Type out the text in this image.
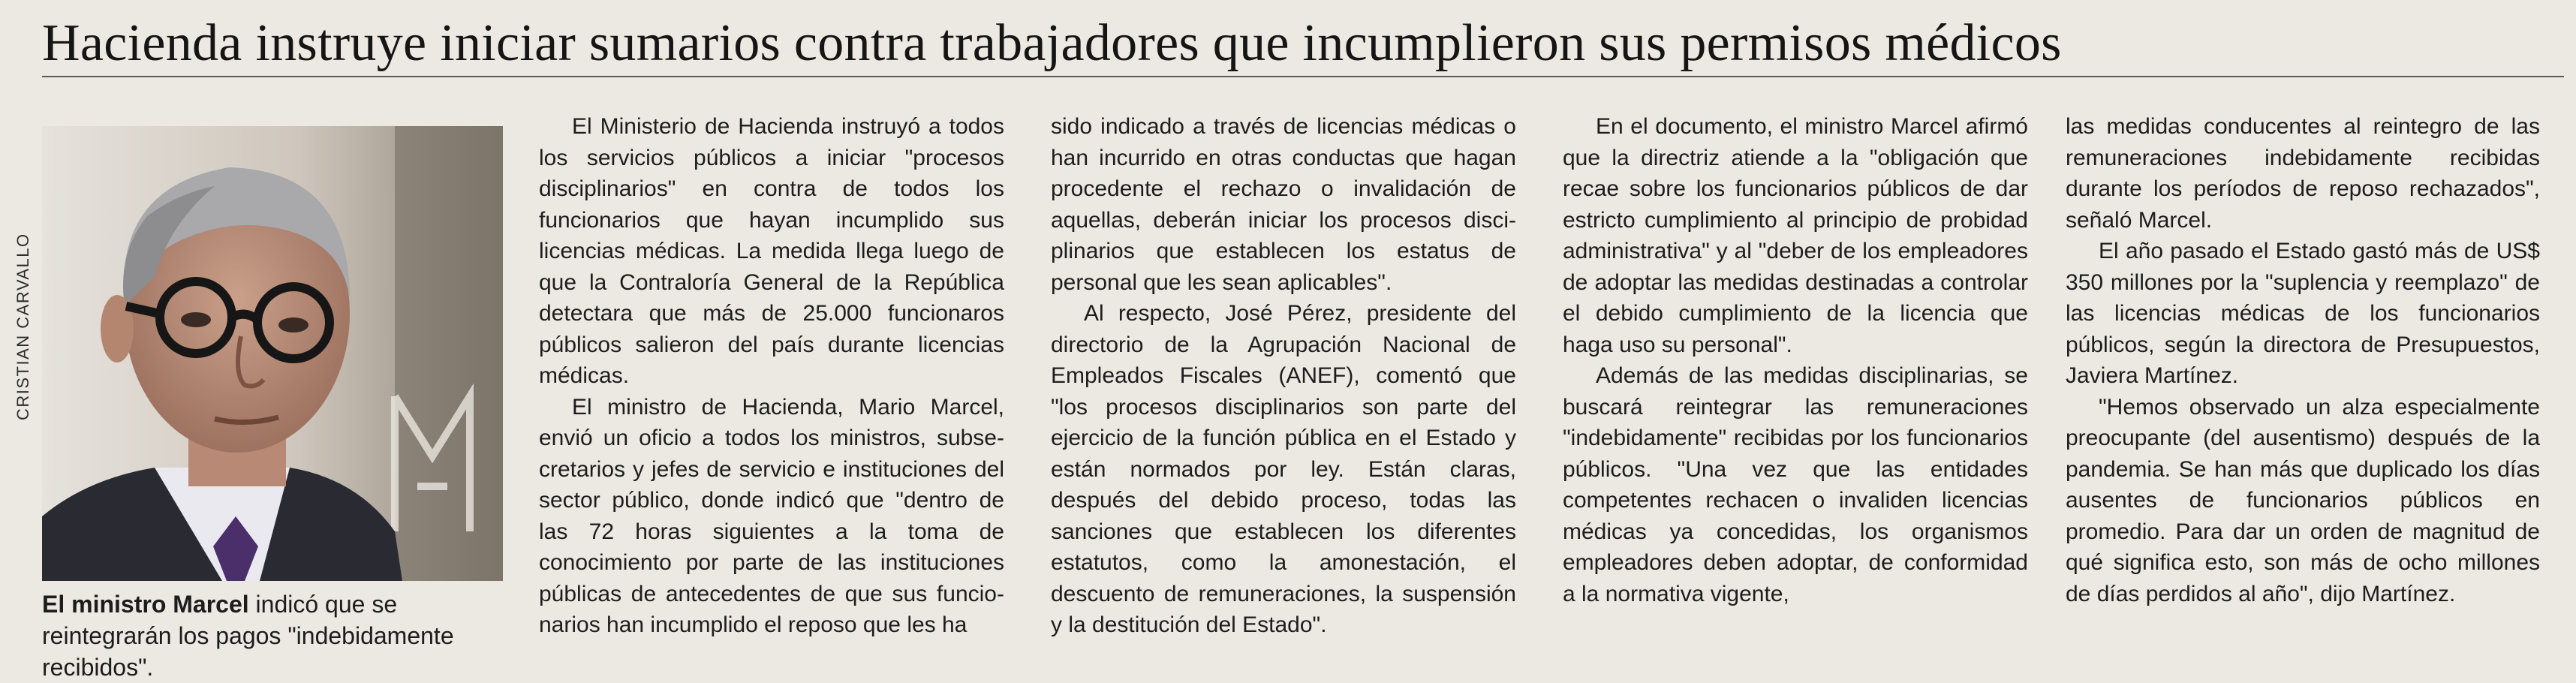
Hacienda instruye iniciar sumarios contra trabajadores que incumplieron sus permisos médicos
CRISTIAN CARVALLO
El ministro Marcel indicó que se reintegrarán los pagos "indebidamente recibidos".

El Ministerio de Hacienda instruyó a todos los servicios públicos a iniciar "procesos disciplinarios" en contra de todos los funcionarios que hayan incumplido sus licencias médicas. La medida llega luego de que la Contraloría General de la República detectara que más de 25.000 funcionaros públicos salieron del país durante licencias médicas.

El ministro de Hacienda, Mario Marcel, envió un oficio a todos los ministros, subsecretarios y jefes de servicio e instituciones del sector público, donde indicó que "dentro de las 72 horas siguientes a la toma de conocimiento por parte de las instituciones públicas de antecedentes de que sus funcionarios han incumplido el reposo que les ha

sido indicado a través de licencias médicas o han incurrido en otras conductas que hagan procedente el rechazo o invalidación de aquellas, deberán iniciar los procesos disciplinarios que establecen los estatus de personal que les sean aplicables".

Al respecto, José Pérez, presidente del directorio de la Agrupación Nacional de Empleados Fiscales (ANEF), comentó que "los procesos disciplinarios son parte del ejercicio de la función pública en el Estado y están normados por ley. Están claras, después del debido proceso, todas las sanciones que establecen los diferentes estatutos, como la amonestación, el descuento de remuneraciones, la suspensión y la destitución del Estado".

En el documento, el ministro Marcel afirmó que la directriz atiende a la "obligación que recae sobre los funcionarios públicos de dar estricto cumplimiento al principio de probidad administrativa" y al "deber de los empleadores de adoptar las medidas destinadas a controlar el debido cumplimiento de la licencia que haga uso su personal".

Además de las medidas disciplinarias, se buscará reintegrar las remuneraciones "indebidamente" recibidas por los funcionarios públicos. "Una vez que las entidades competentes rechacen o invaliden licencias médicas ya concedidas, los organismos empleadores deben adoptar, de conformidad a la normativa vigente,

las medidas conducentes al reintegro de las remuneraciones indebidamente recibidas durante los períodos de reposo rechazados", señaló Marcel.

El año pasado el Estado gastó más de US$ 350 millones por la "suplencia y reemplazo" de las licencias médicas de los funcionarios públicos, según la directora de Presupuestos, Javiera Martínez.

"Hemos observado un alza especialmente preocupante (del ausentismo) después de la pandemia. Se han más que duplicado los días ausentes de funcionarios públicos en promedio. Para dar un orden de magnitud de qué significa esto, son más de ocho millones de días perdidos al año", dijo Martínez.
